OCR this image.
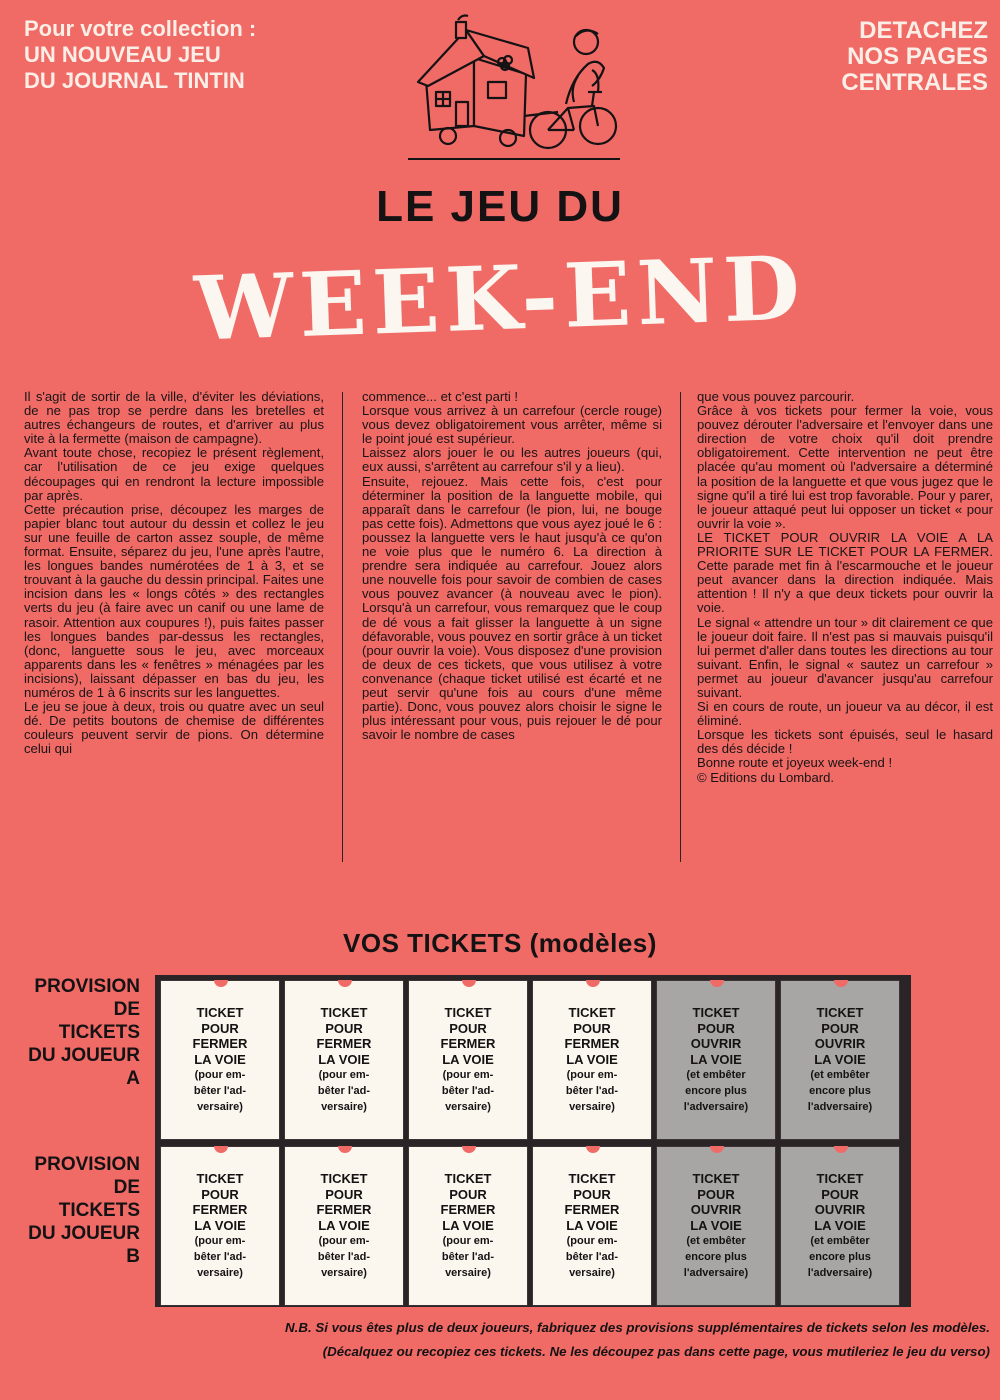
Pour votre collection :
UN NOUVEAU JEU
DU JOURNAL TINTIN
DETACHEZ
NOS PAGES
CENTRALES
LE JEU DU
WEEK-END

Il s'agit de sortir de la ville, d'éviter les déviations, de ne pas trop se perdre dans les bretelles et autres échangeurs de routes, et d'arriver au plus vite à la fermette (maison de campagne).

Avant toute chose, recopiez le présent règlement, car l'utilisation de ce jeu exige quelques découpages qui en rendront la lecture impossible par après.

Cette précaution prise, découpez les marges de papier blanc tout autour du dessin et collez le jeu sur une feuille de carton assez souple, de même format. Ensuite, séparez du jeu, l'une après l'autre, les longues bandes numérotées de 1 à 3, et se trouvant à la gauche du dessin principal. Faites une incision dans les « longs côtés » des rectangles verts du jeu (à faire avec un canif ou une lame de rasoir. Attention aux coupures !), puis faites passer les longues bandes par-dessus les rectangles, (donc, languette sous le jeu, avec morceaux apparents dans les « fenêtres » ménagées par les incisions), laissant dépasser en bas du jeu, les numéros de 1 à 6 inscrits sur les languettes.

Le jeu se joue à deux, trois ou quatre avec un seul dé. De petits boutons de chemise de différentes couleurs peuvent servir de pions. On détermine celui qui

commence... et c'est parti !

Lorsque vous arrivez à un carrefour (cercle rouge) vous devez obligatoirement vous arrêter, même si le point joué est supérieur.

Laissez alors jouer le ou les autres joueurs (qui, eux aussi, s'arrêtent au carrefour s'il y a lieu).

Ensuite, rejouez. Mais cette fois, c'est pour déterminer la position de la languette mobile, qui apparaît dans le carrefour (le pion, lui, ne bouge pas cette fois). Admettons que vous ayez joué le 6 : poussez la languette vers le haut jusqu'à ce qu'on ne voie plus que le numéro 6. La direction à prendre sera indiquée au carrefour. Jouez alors une nouvelle fois pour savoir de combien de cases vous pouvez avancer (à nouveau avec le pion). Lorsqu'à un carrefour, vous remarquez que le coup de dé vous a fait glisser la languette à un signe défavorable, vous pouvez en sortir grâce à un ticket (pour ouvrir la voie). Vous disposez d'une provision de deux de ces tickets, que vous utilisez à votre convenance (chaque ticket utilisé est écarté et ne peut servir qu'une fois au cours d'une même partie). Donc, vous pouvez alors choisir le signe le plus intéressant pour vous, puis rejouer le dé pour savoir le nombre de cases

que vous pouvez parcourir.

Grâce à vos tickets pour fermer la voie, vous pouvez dérouter l'adversaire et l'envoyer dans une direction de votre choix qu'il doit prendre obligatoirement. Cette intervention ne peut être placée qu'au moment où l'adversaire a déterminé la position de la languette et que vous jugez que le signe qu'il a tiré lui est trop favorable. Pour y parer, le joueur attaqué peut lui opposer un ticket « pour ouvrir la voie ».

LE TICKET POUR OUVRIR LA VOIE A LA PRIORITE SUR LE TICKET POUR LA FERMER. Cette parade met fin à l'escarmouche et le joueur peut avancer dans la direction indiquée. Mais attention ! Il n'y a que deux tickets pour ouvrir la voie.

Le signal « attendre un tour » dit clairement ce que le joueur doit faire. Il n'est pas si mauvais puisqu'il lui permet d'aller dans toutes les directions au tour suivant. Enfin, le signal « sautez un carrefour » permet au joueur d'avancer jusqu'au carrefour suivant.

Si en cours de route, un joueur va au décor, il est éliminé.

Lorsque les tickets sont épuisés, seul le hasard des dés décide !

Bonne route et joyeux week-end !

© Editions du Lombard.

VOS TICKETS (modèles)
PROVISION
DE
TICKETS
DU JOUEUR
A
PROVISION
DE
TICKETS
DU JOUEUR
B
TICKET
POUR
FERMER
LA VOIE
(pour em-
bêter l'ad-
versaire)
TICKET
POUR
FERMER
LA VOIE
(pour em-
bêter l'ad-
versaire)
TICKET
POUR
FERMER
LA VOIE
(pour em-
bêter l'ad-
versaire)
TICKET
POUR
FERMER
LA VOIE
(pour em-
bêter l'ad-
versaire)
TICKET
POUR
OUVRIR
LA VOIE
(et embêter
encore plus
l'adversaire)
TICKET
POUR
OUVRIR
LA VOIE
(et embêter
encore plus
l'adversaire)
TICKET
POUR
FERMER
LA VOIE
(pour em-
bêter l'ad-
versaire)
TICKET
POUR
FERMER
LA VOIE
(pour em-
bêter l'ad-
versaire)
TICKET
POUR
FERMER
LA VOIE
(pour em-
bêter l'ad-
versaire)
TICKET
POUR
FERMER
LA VOIE
(pour em-
bêter l'ad-
versaire)
TICKET
POUR
OUVRIR
LA VOIE
(et embêter
encore plus
l'adversaire)
TICKET
POUR
OUVRIR
LA VOIE
(et embêter
encore plus
l'adversaire)
N.B. Si vous êtes plus de deux joueurs, fabriquez des provisions supplémentaires de tickets selon les modèles.
(Décalquez ou recopiez ces tickets. Ne les découpez pas dans cette page, vous mutileriez le jeu du verso)
